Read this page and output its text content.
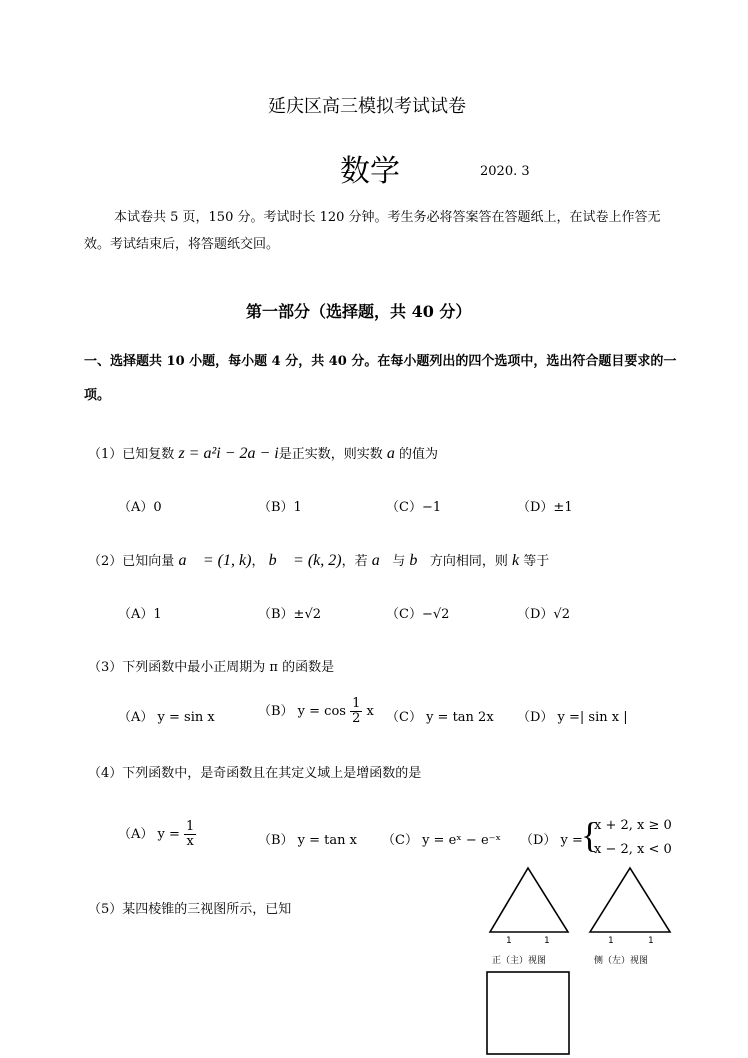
延庆区高三模拟考试试卷
数学	2020. 3
本试卷共 5 页，150 分。考试时长 120 分钟。考生务必将答案答在答题纸上，在试卷上作答无效。考试结束后，将答题纸交回。
第一部分（选择题，共 40 分）
一、选择题共 10 小题，每小题 4 分，共 40 分。在每小题列出的四个选项中，选出符合题目要求的一项。
（1）已知复数 z = a²i − 2a − i是正实数，则实数 a 的值为
（A）0	（B）1	（C）−1	（D）±1
（2）已知向量 a⃗ = (1, k)， b⃗ = (k, 2)，若 a⃗与 b⃗方向相同，则 k 等于
（A）1	（B）±√2	（C）−√2	（D）√2
（3）下列函数中最小正周期为 π 的函数是
（A） y = sin x	（B） $y = \cos \frac{1}{2}$ x （C） y = tan 2x （D） y =| sin x |
（4）下列函数中，是奇函数且在其定义域上是增函数的是
（A） $y = \frac{1}{x}$	（B） y = tan x （C） y = eˣ − e⁻ˣ （D） y =
{
x + 2, x ≥ 0
x − 2, x < 0
（5）某四棱锥的三视图所示，已知
1	1	1	1
正（主）视图	侧（左）视图
